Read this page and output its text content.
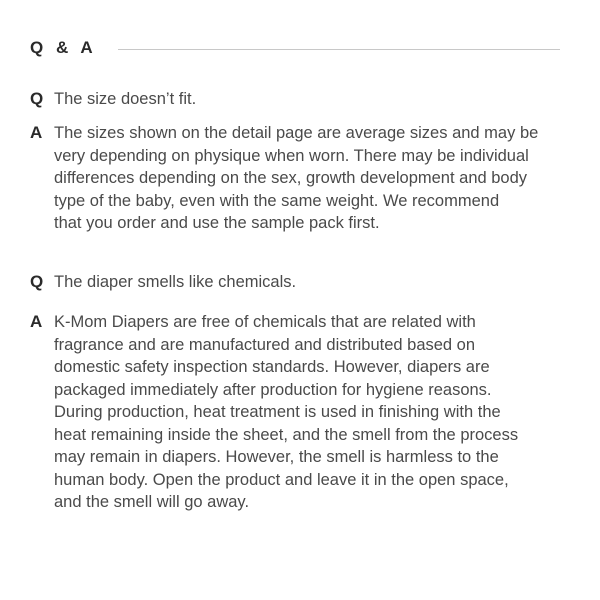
Q & A
Q The size doesn’t fit.
A The sizes shown on the detail page are average sizes and may be
very depending on physique when worn. There may be individual
differences depending on the sex, growth development and body
type of the baby, even with the same weight. We recommend
that you order and use the sample pack first.
Q The diaper smells like chemicals.
A K-Mom Diapers are free of chemicals that are related with
fragrance and are manufactured and distributed based on
domestic safety inspection standards. However, diapers are
packaged immediately after production for hygiene reasons.
During production, heat treatment is used in finishing with the
heat remaining inside the sheet, and the smell from the process
may remain in diapers. However, the smell is harmless to the
human body. Open the product and leave it in the open space,
and the smell will go away.
